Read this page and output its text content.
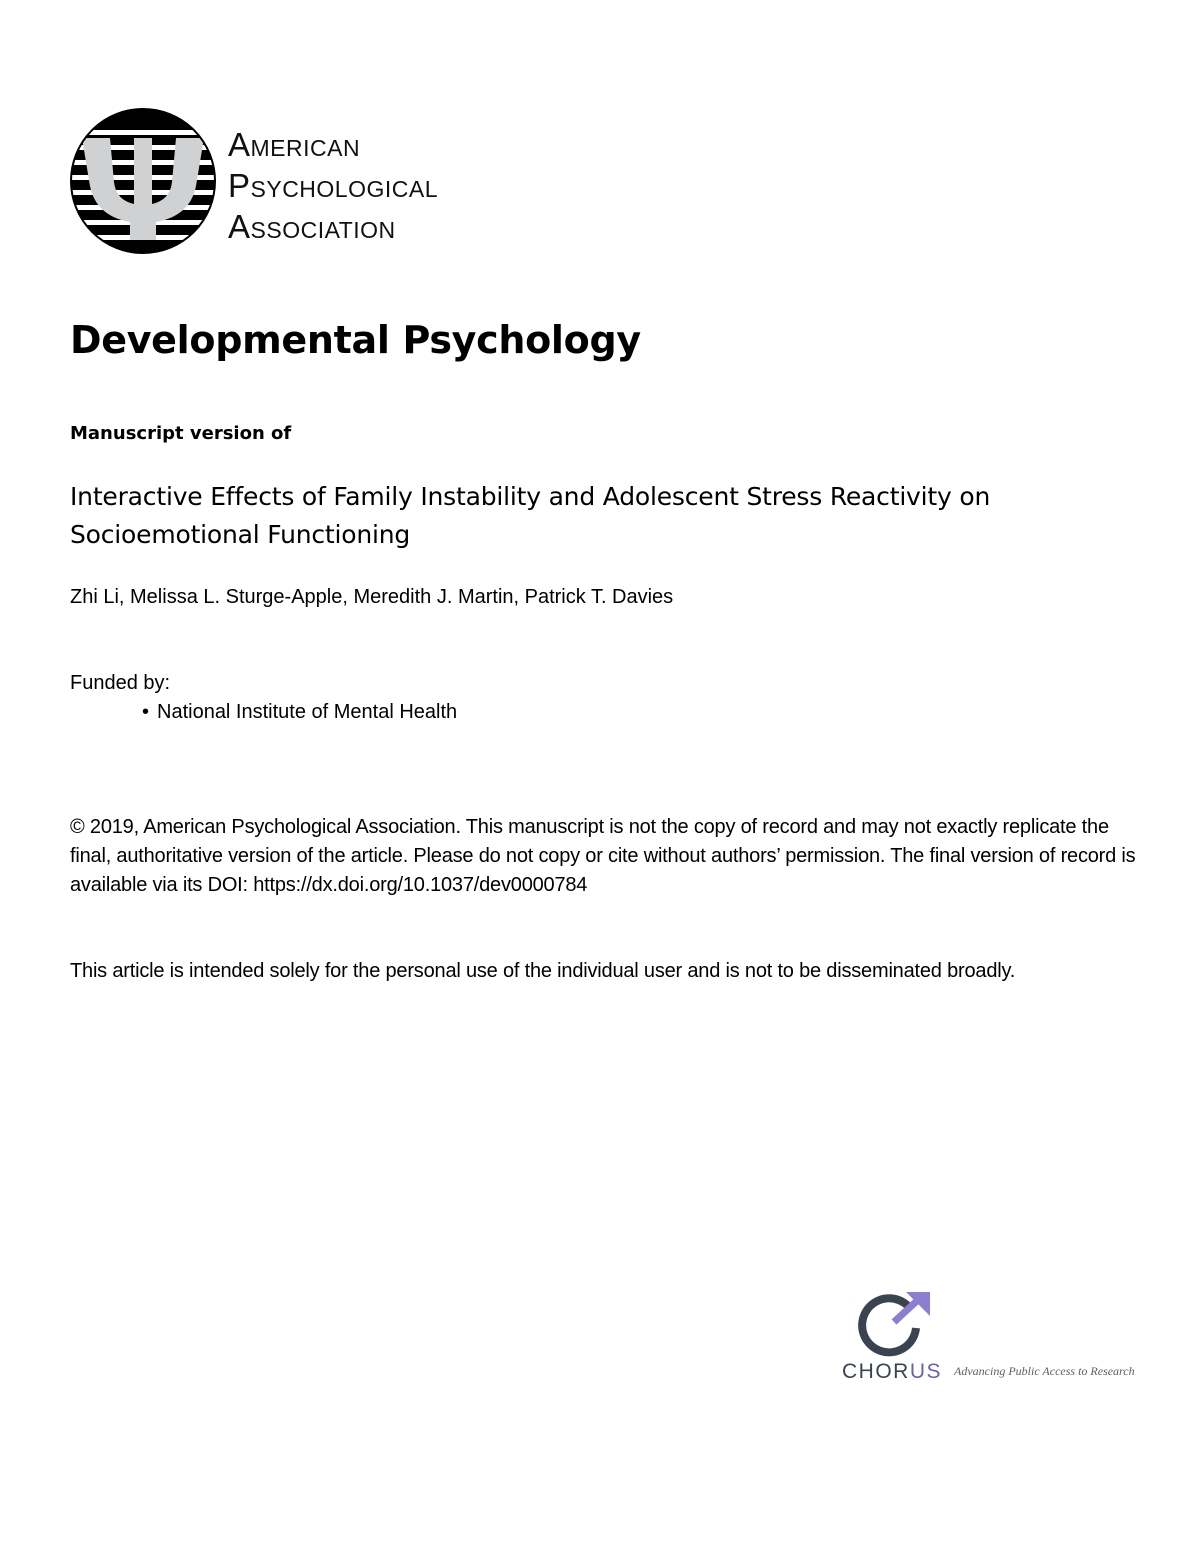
American
Psychological
Association
Developmental Psychology
Manuscript version of
Interactive Effects of Family Instability and Adolescent Stress Reactivity on Socioemotional Functioning
Zhi Li, Melissa L. Sturge-Apple, Meredith J. Martin, Patrick T. Davies
Funded by:
• National Institute of Mental Health

© 2019, American Psychological Association. This manuscript is not the copy of record and may not exactly replicate the final, authoritative version of the article. Please do not copy or cite without authors’ permission. The final version of record is available via its DOI: https://dx.doi.org/10.1037/dev0000784

This article is intended solely for the personal use of the individual user and is not to be disseminated broadly.

CHORUS Advancing Public Access to Research
